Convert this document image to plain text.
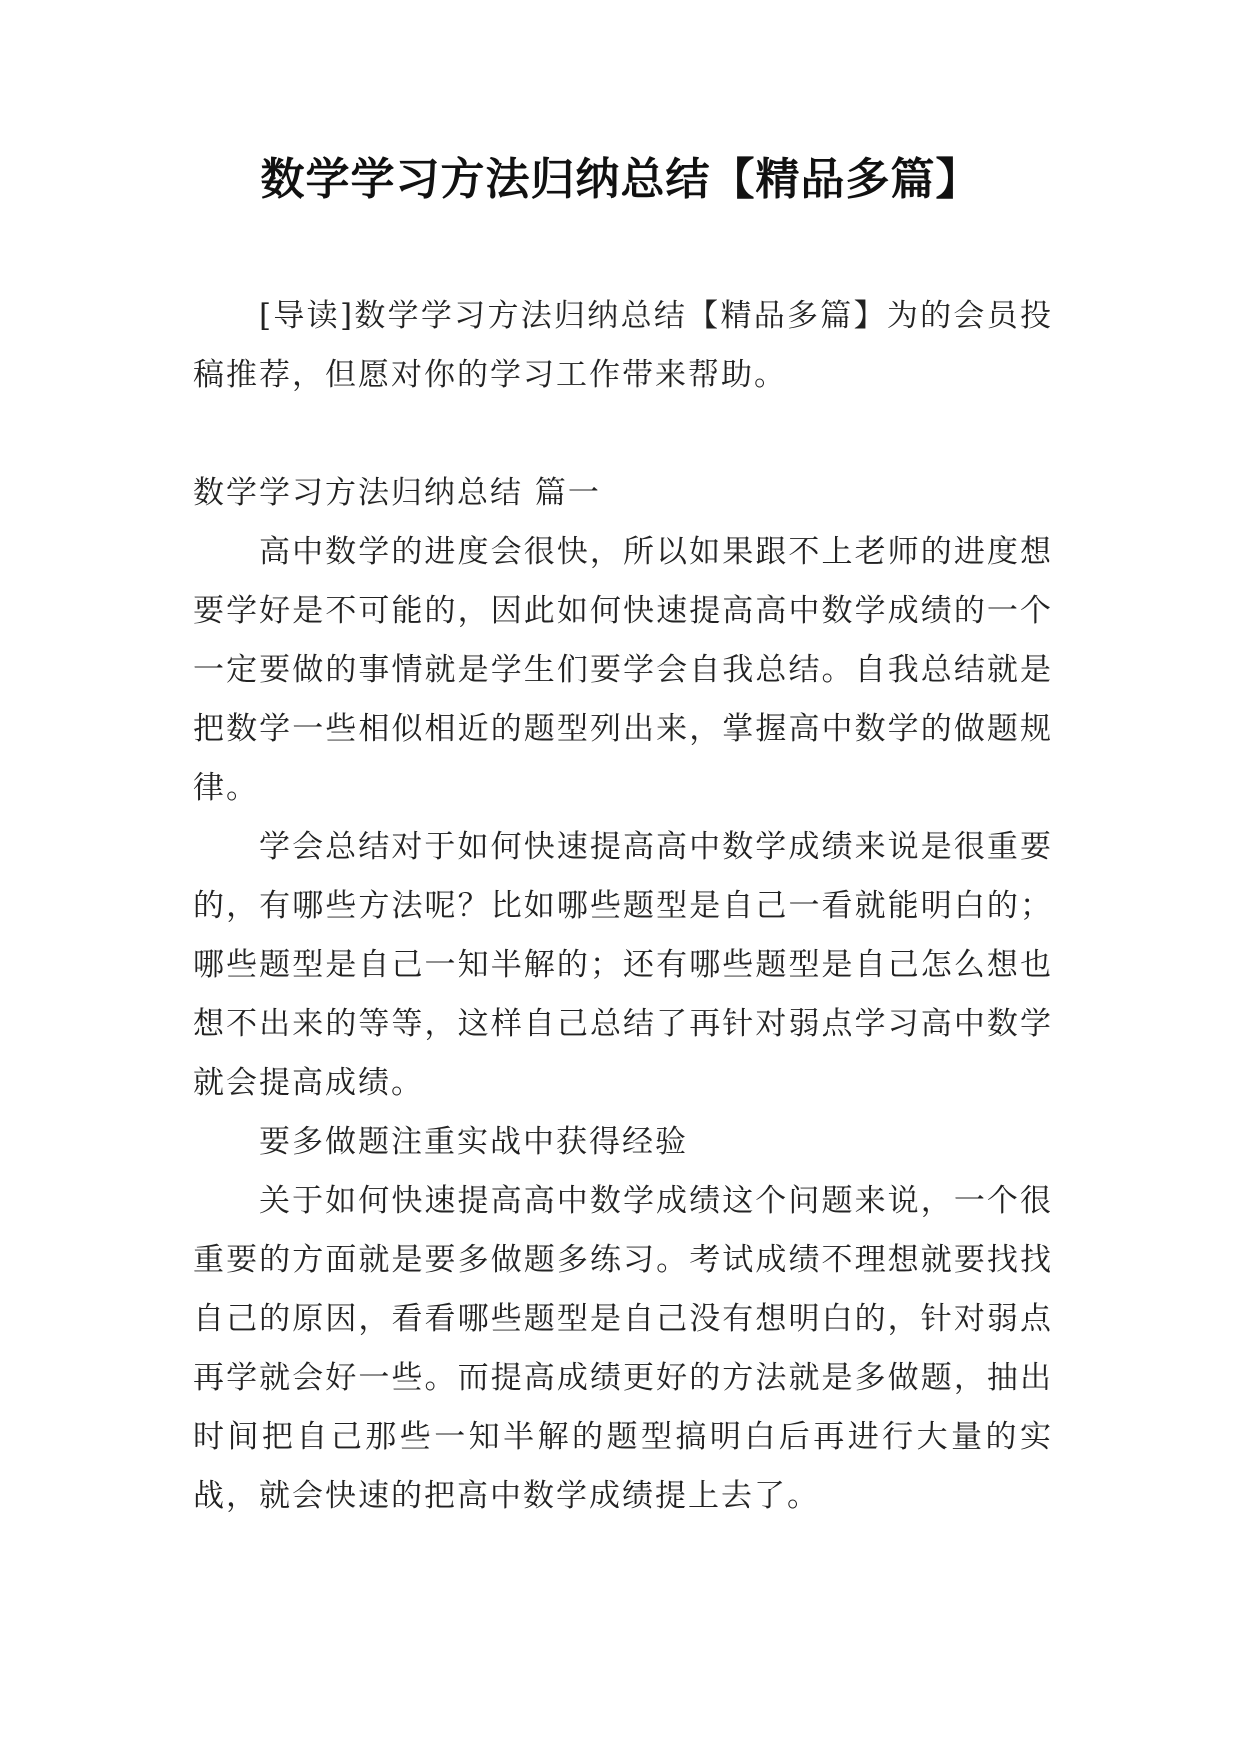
数学学习方法归纳总结【精品多篇】

[导读]数学学习方法归纳总结【精品多篇】为的会员投稿推荐，但愿对你的学习工作带来帮助。

数学学习方法归纳总结 篇一

高中数学的进度会很快，所以如果跟不上老师的进度想要学好是不可能的，因此如何快速提高高中数学成绩的一个一定要做的事情就是学生们要学会自我总结。自我总结就是把数学一些相似相近的题型列出来，掌握高中数学的做题规律。

学会总结对于如何快速提高高中数学成绩来说是很重要的，有哪些方法呢？比如哪些题型是自己一看就能明白的；哪些题型是自己一知半解的；还有哪些题型是自己怎么想也想不出来的等等，这样自己总结了再针对弱点学习高中数学就会提高成绩。

要多做题注重实战中获得经验

关于如何快速提高高中数学成绩这个问题来说，一个很重要的方面就是要多做题多练习。考试成绩不理想就要找找自己的原因，看看哪些题型是自己没有想明白的，针对弱点再学就会好一些。而提高成绩更好的方法就是多做题，抽出时间把自己那些一知半解的题型搞明白后再进行大量的实战，就会快速的把高中数学成绩提上去了。
